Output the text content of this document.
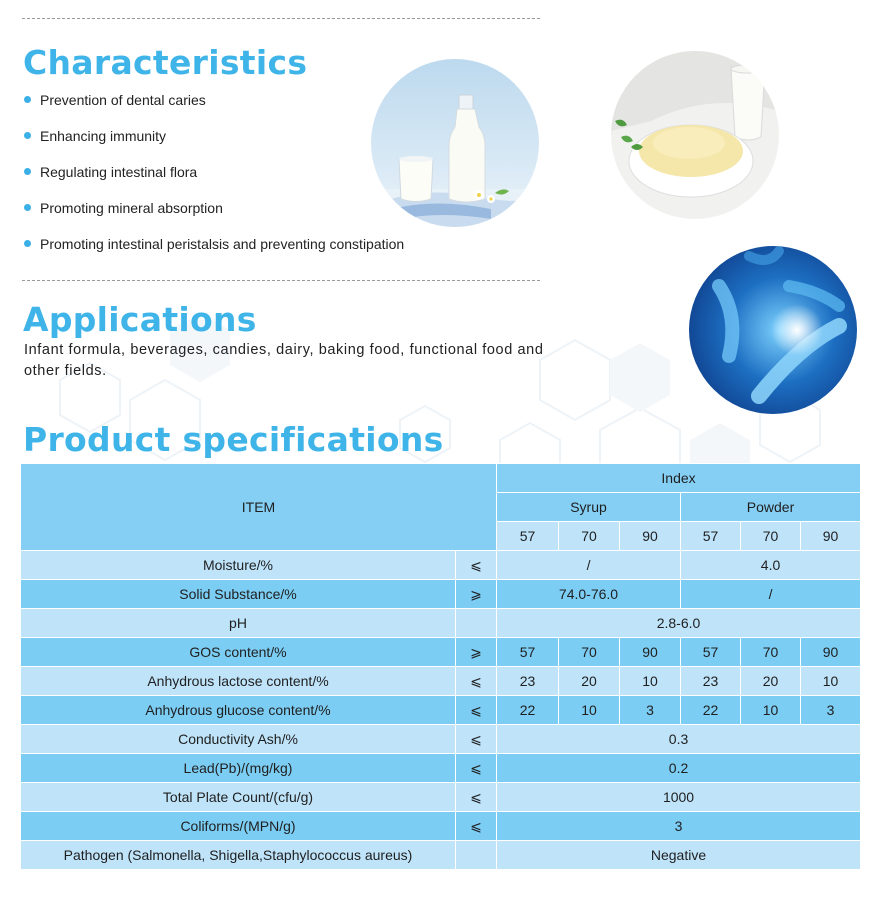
Characteristics
Prevention of dental caries
Enhancing immunity
Regulating intestinal flora
Promoting mineral absorption
Promoting intestinal peristalsis and preventing constipation
Applications

Infant formula, beverages, candies, dairy, baking food, functional food and other fields.

Product specifications
ITEM		Index					
		Syrup			Powder		
		57	70	90	57	70	90
Moisture/%	⩽	/			4.0		
Solid Substance/%	⩾	74.0-76.0			/		
pH		2.8-6.0					
GOS content/%	⩾	57	70	90	57	70	90
Anhydrous lactose content/%	⩽	23	20	10	23	20	10
Anhydrous glucose content/%	⩽	22	10	3	22	10	3
Conductivity Ash/%	⩽	0.3					
Lead(Pb)/(mg/kg)	⩽	0.2					
Total Plate Count/(cfu/g)	⩽	1000					
Coliforms/(MPN/g)	⩽	3					
Pathogen (Salmonella, Shigella,Staphylococcus aureus)		Negative					
